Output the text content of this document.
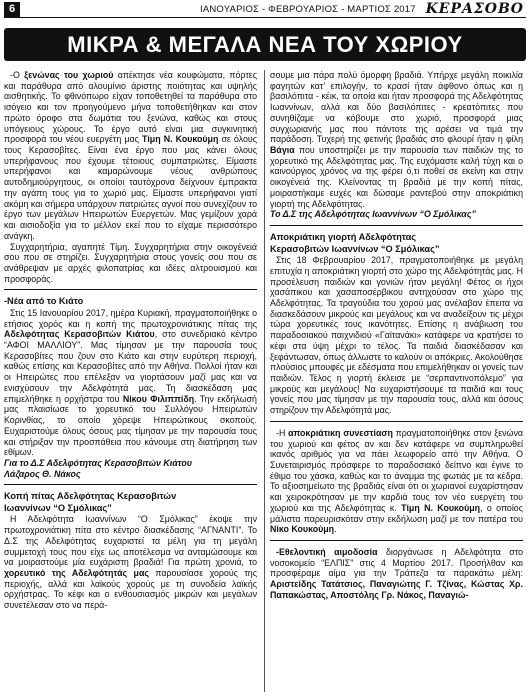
6	ΙΑΝΟΥΑΡΙΟΣ - ΦΕΒΡΟΥΑΡΙΟΣ - ΜΑΡΤΙΟΣ 2017 ΚΕΡΑΣΟΒΟ
ΜΙΚΡΑ & ΜΕΓΑΛΑ ΝΕΑ ΤΟΥ ΧΩΡΙΟΥ

-Ο ξενώνας του χωριού απέκτησε νέα κουφώματα, πόρτες και παράθυρα από αλουμίνιο άριστης ποιότητας και υψηλής αισθητικής. Το φθινόπωρο είχαν τοποθετηθεί τα παράθυρα στο ισόγειο και τον προηγούμενο μήνα τοποθετήθηκαν και στον πρώτο όροφο στα δωμάτια του ξενώνα, καθώς και στους υπόγειους χώρους. Το έργο αυτό είναι μια συγκινητική προσφορά του νέου ευεργέτη μας Τίμη Ν. Κουκούμη σε όλους τους Κερασοβίτες. Είναι ένα έργο που μας κάνει όλους υπερήφανους που έχουμε τέτοιους συμπατριώτες. Είμαστε υπερήφανοι και καμαρώνουμε νέους ανθρώπους αυτοδημιούργητους, οι οποίοι ταυτόχρονα δείχνουν έμπρακτα την αγάπη τους για το χωριό μας. Είμαστε υπερήφανοι γιατί ακόμη και σήμερα υπάρχουν πατριώτες αγνοί που συνεχίζουν το έργο των μεγάλων Ηπειρωτών Ευεργετών. Μας γεμίζουν χαρά και αισιοδοξία για το μέλλον εκεί που το είχαμε περισσότερο ανάγκη.

Συγχαρητήρια, αγαπητέ Τίμη. Συγχαρητήρια στην οικογένειά σου που σε στηρίζει. Συγχαρητήρια στους γονείς σου που σε ανάθρεψαν με αρχές φιλοπατρίας και ιδέες αλτρουισμού και προσφοράς.

-Νέα από το Κιάτο

Στις 15 Ιανουαρίου 2017, ημέρα Κυριακή, πραγματοποιήθηκε ο ετήσιος χορός και η κοπή της πρωτοχρονιάτικης πίτας της Αδελφότητας Κερασοβιτών Κιάτου, στο συνεδριακό κέντρο “ΑΦΟΙ ΜΑΛΛΙΟΥ”. Μας τίμησαν με την παρουσία τους Κερασοβίτες που ζουν στο Κιάτο και στην ευρύτερη περιοχή, καθώς επίσης και Κερασοβίτες από την Αθήνα. Πολλοί ήταν και οι Ηπειρώτες που επέλεξαν να γιορτάσουν μαζί μας και να ενισχύσουν την Αδελφότητά μας. Τη διασκέδαση μας επιμελήθηκε η ορχήστρα του Νίκου Φιλιππίδη. Την εκδήλωσή μας πλαισίωσε το χορευτικό του Συλλόγου Ηπειρωτών Κορινθίας, το οποίο χόρεψε Ηπειρώτικους σκοπούς. Ευχαριστούμε όλους όσους μας τίμησαν με την παρουσία τους και στήριξαν την προσπάθεια που κάνουμε στη διατήρηση των εθίμων.

Για το Δ.Σ Αδελφότητας Κερασοβιτών Κιάτου

Λάζαρος Θ. Νάκος

Κοπή πίτας Αδελφότητας Κερασοβιτών

Ιωαννίνων “Ο Σμόλικας”

Η Αδελφότητα Ιωαννίνων “Ο Σμόλικας” έκοψε την πρωτοχρονιάτικη πίτα στο κέντρο διασκέδασης “ΑΓΝΑΝΤΙ”. Το Δ.Σ της Αδελφότητας ευχαριστεί τα μέλη για τη μεγάλη συμμετοχή τους που είχε ως αποτέλεσμα να ανταμώσουμε και να μοιραστούμε μία ευχάριστη βραδιά! Για πρώτη χρονιά, το χορευτικό της Αδελφότητάς μας παρουσίασε χορούς της περιοχής, αλλά και λαϊκούς χορούς με τη συνοδεία λαϊκής ορχήστρας. Το κέφι και ο ενθουσιασμός μικρών και μεγάλων συνετέλεσαν στο να περά-

σουμε μια πάρα πολύ όμορφη βραδιά. Υπήρχε μεγάλη ποικιλία φαγητών κατ’ επιλογήν, το κρασί ήταν άφθονο όπως και η βασιλόπιτα - κέικ, τα οποία και ήταν προσφορά της Αδελφότητας Ιωαννίνων, αλλά και δύο βασιλόπιτες - κρεατόπιτες που συνηθίζαμε να κόβουμε στο χωριό, προσφορά μιας συγχωριανής μας που πάντοτε της αρέσει να τιμά την παράδοση. Τυχερή της φετινής βραδιάς στο φλουρί ήταν η φίλη Βάγια που υποστηρίζει με την παρουσία των παιδιών της το χορευτικό της Αδελφότητας μας. Της ευχόμαστε καλή τύχη και ο καινούργιος χρόνος να της φέρει ό,τι ποθεί σε εκείνη και στην οικογένειά της. Κλείνοντας τη βραδιά με την κοπή πίτας, μοιραστήκαμε ευχές και δώσαμε ραντεβού στην αποκριάτικη γιορτή της Αδελφότητας.

Το Δ.Σ της Αδελφότητας Ιωαννίνων “Ο Σμόλικας”

Αποκριάτικη γιορτή Αδελφότητας

Κερασοβιτών Ιωαννίνων “Ο Σμόλικας”

Στις 18 Φεβρουαρίου 2017, πραγματοποιήθηκε με μεγάλη επιτυχία η αποκριάτικη γιορτή στο χώρο της Αδελφότητάς μας. Η προσέλευση παιδιών και γονιών ήταν μεγάλη! Φέτος οι ήχοι χασάπικου και χασαποσέρβικου αντηχούσαν στο χώρο της Αδελφότητας. Τα τραγούδια του χορού μας ανέλαβαν έπειτα να διασκεδάσουν μικρούς και μεγάλους και να αναδείξουν τις μέχρι τώρα χορευτικές τους ικανότητες. Επίσης η ανάβιωση του παραδοσιακού παιχνιδιού «Γαϊτανάκι» κατάφερε να κρατήσει το κέφι στα ύψη μέχρι το τέλος. Τα παιδιά διασκέδασαν και ξεφάντωσαν, όπως άλλωστε το καλούν οι απόκριες. Ακολούθησε πλούσιος μπουφές με εδέσματα που επιμελήθηκαν οι γονείς των παιδιών. Τέλος η γιορτή έκλεισε με “σερπαντινοπόλεμο” για μικρούς και μεγάλους! Να ευχαριστήσουμε τα παιδιά και τους γονείς που μας τίμησαν με την παρουσία τους, αλλά και όσους στηρίζουν την Αδελφότητά μας.

-Η αποκριάτικη συνεστίαση πραγματοποιήθηκε στον ξενώνα του χωριού και φέτος αν και δεν κατάφερε να συμπληρωθεί ικανός αριθμός για να πάει λεωφορείο από την Αθήνα. Ο Συνεταιρισμός πρόσφερε το παραδοσιακό δείπνο και έγινε το έθιμο του χάσκα, καθώς και το άναμμα της φωτιάς με τα κέδρα. Το αξιοσημείωτο της βραδιάς είναι ότι οι χωριανοί ευχαρίστησαν και χειροκρότησαν με την καρδιά τους τον νέο ευεργέτη του χωριού και της Αδελφότητας κ. Τίμη Ν. Κουκούμη, ο οποίος μάλιστα παρευρισκόταν στην εκδήλωση μαζί με τον πατέρα του Νίκο Κουκούμη.

-Εθελοντική αιμοδοσία διοργάνωσε η Αδελφότητα στο νοσοκομείο “ΕΛΠΙΣ” στις 4 Μαρτίου 2017. Προσήλθαν και προσφέραμε αίμα για την Τράπεζα τα παρακάτω μέλη: Αριστείδης Τατάτσιος, Παναγιώτης Γ. Τζίνας, Κώστας Χρ. Παπακώστας, Αποστόλης Γρ. Νάκος, Παναγιώ-
